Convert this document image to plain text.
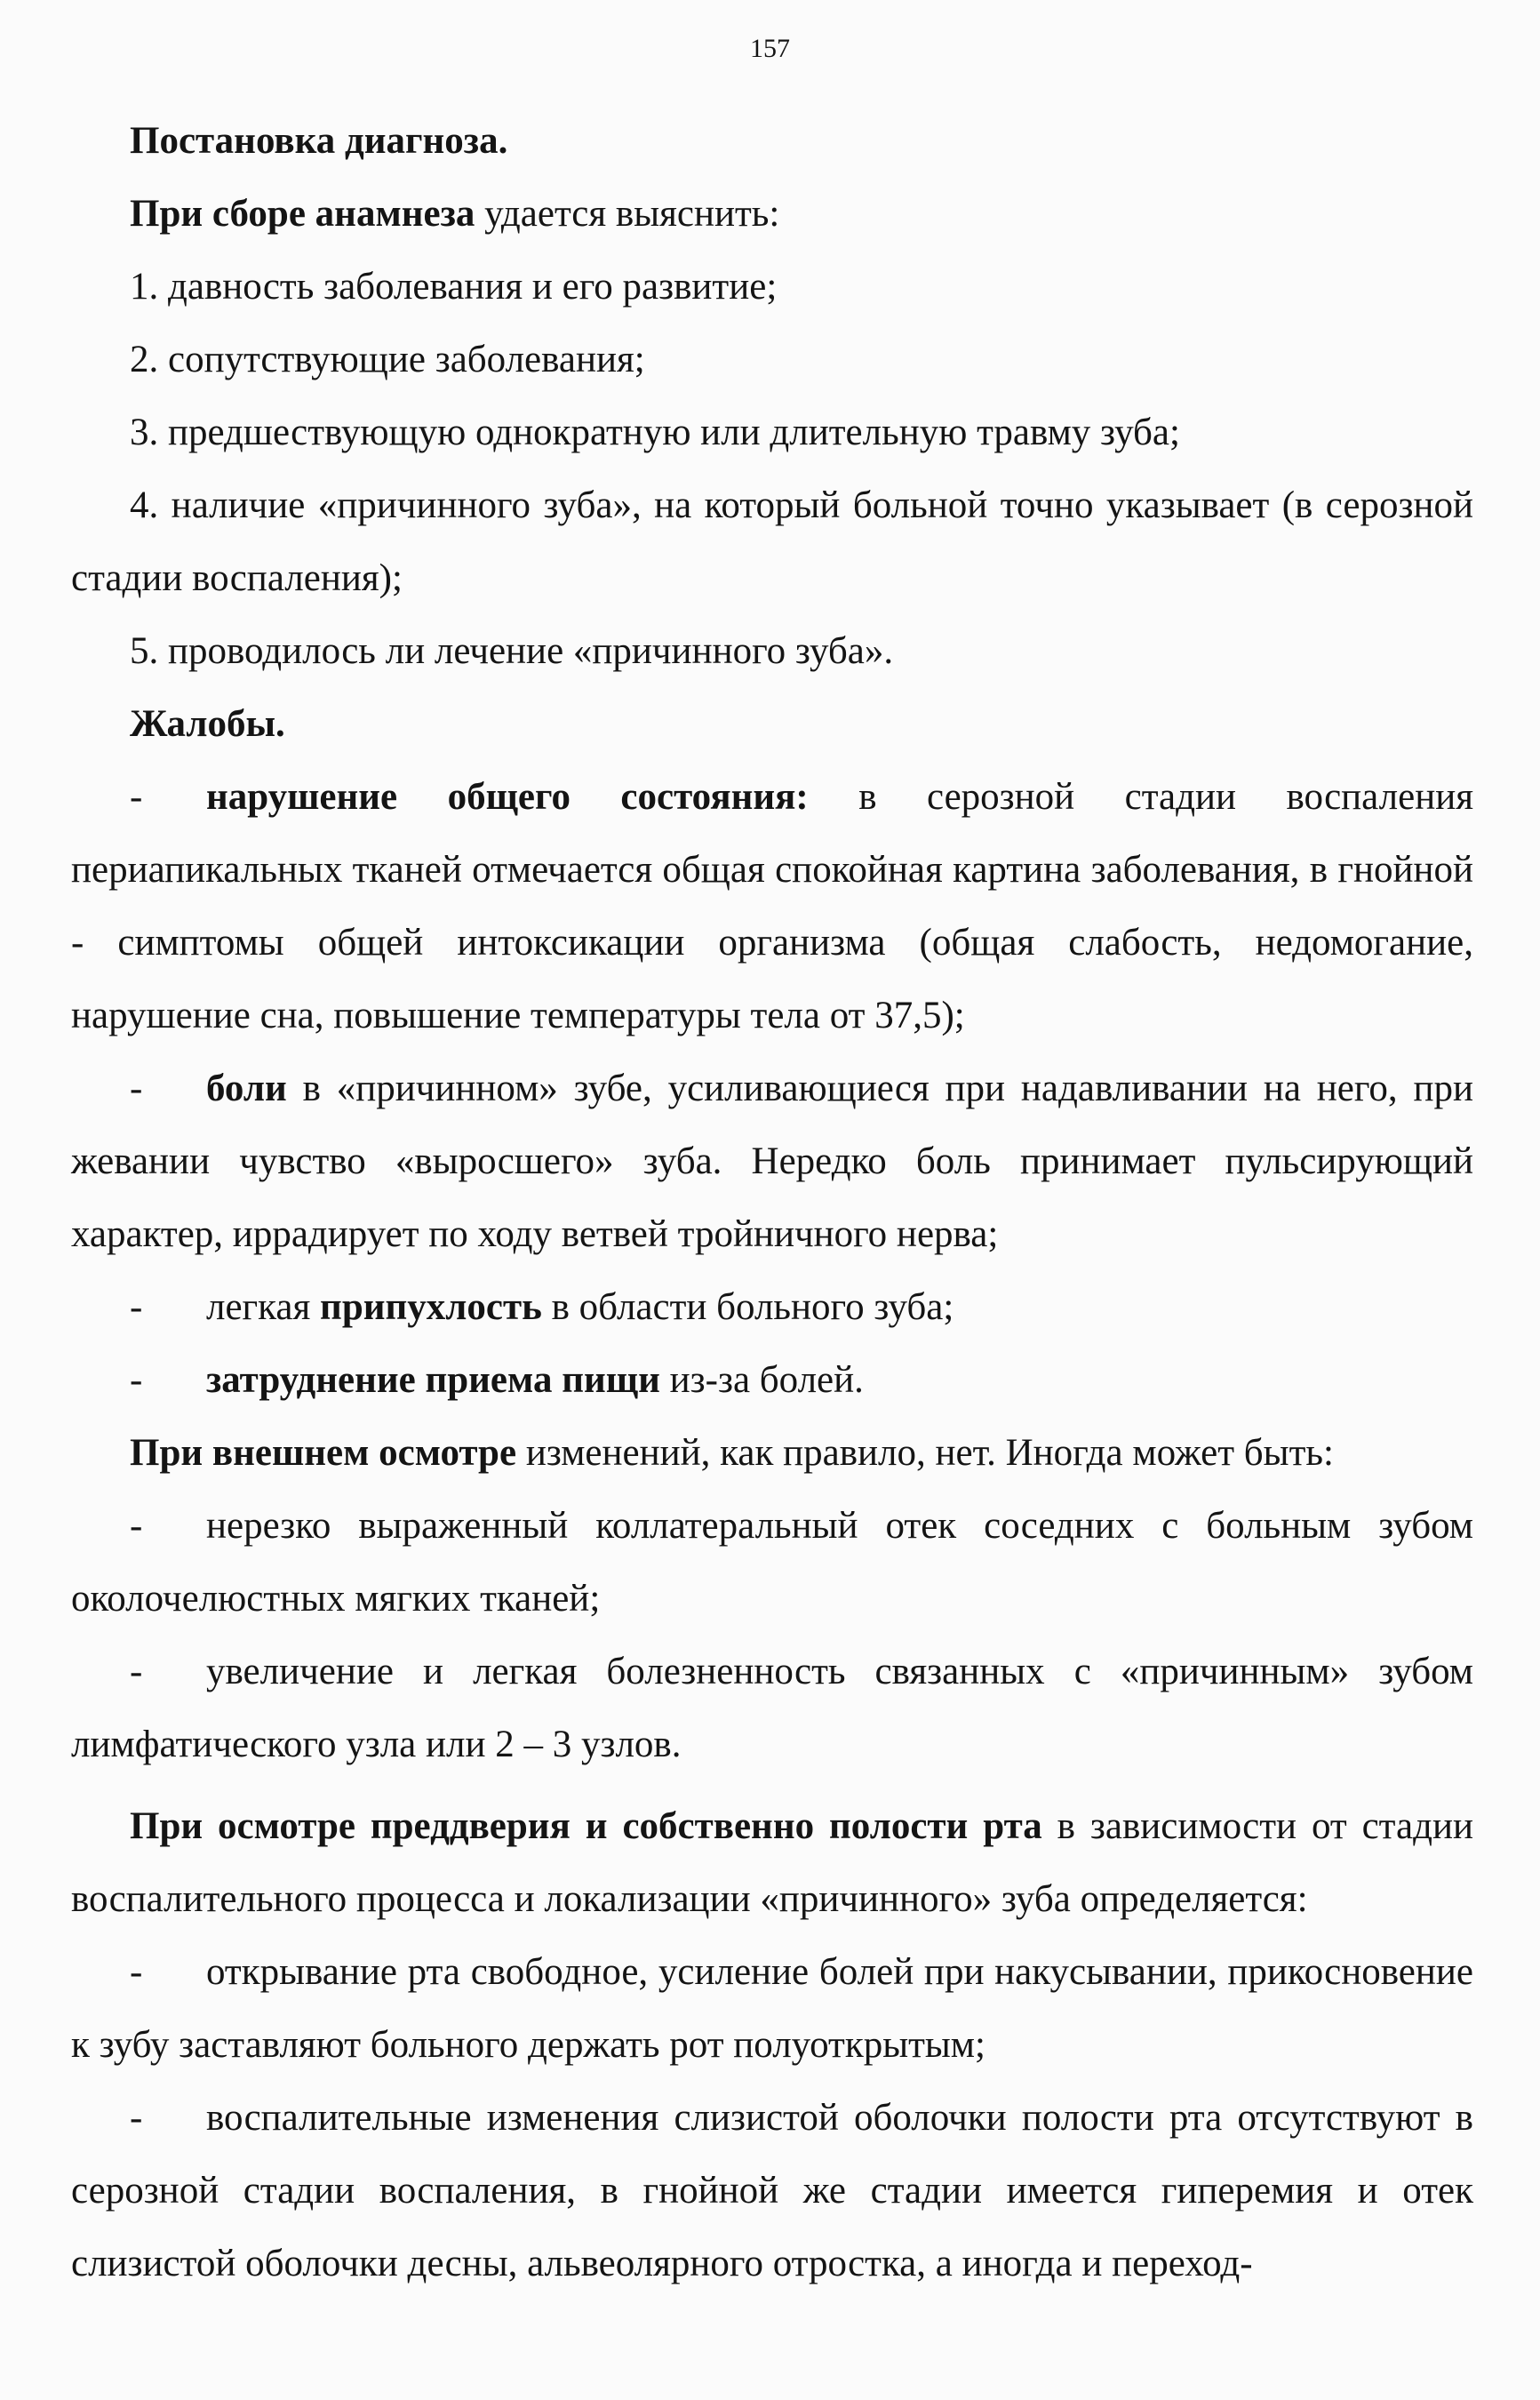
157

Постановка диагноза.

При сборе анамнеза удается выяснить:

1. давность заболевания и его развитие;

2. сопутствующие заболевания;

3. предшествующую однократную или длительную травму зуба;

4. наличие «причинного зуба», на который больной точно указывает (в серозной стадии воспаления);

5. проводилось ли лечение «причинного зуба».

Жалобы.

- нарушение общего состояния: в серозной стадии воспаления периапикальных тканей отмечается общая спокойная картина заболевания, в гнойной - симптомы общей интоксикации организма (общая слабость, недомогание, нарушение сна, повышение температуры тела от 37,5);

- боли в «причинном» зубе, усиливающиеся при надавливании на него, при жевании чувство «выросшего» зуба. Нередко боль принимает пульсирующий характер, иррадирует по ходу ветвей тройничного нерва;

- легкая припухлость в области больного зуба;

- затруднение приема пищи из-за болей.

При внешнем осмотре изменений, как правило, нет. Иногда может быть:

- нерезко выраженный коллатеральный отек соседних с больным зубом околочелюстных мягких тканей;

- увеличение и легкая болезненность связанных с «причинным» зубом лимфатического узла или 2 – 3 узлов.

При осмотре преддверия и собственно полости рта в зависимости от стадии воспалительного процесса и локализации «причинного» зуба определяется:

- открывание рта свободное, усиление болей при накусывании, прикосновение к зубу заставляют больного держать рот полуоткрытым;

- воспалительные изменения слизистой оболочки полости рта отсутствуют в серозной стадии воспаления, в гнойной же стадии имеется гиперемия и отек слизистой оболочки десны, альвеолярного отростка, а иногда и переход-
